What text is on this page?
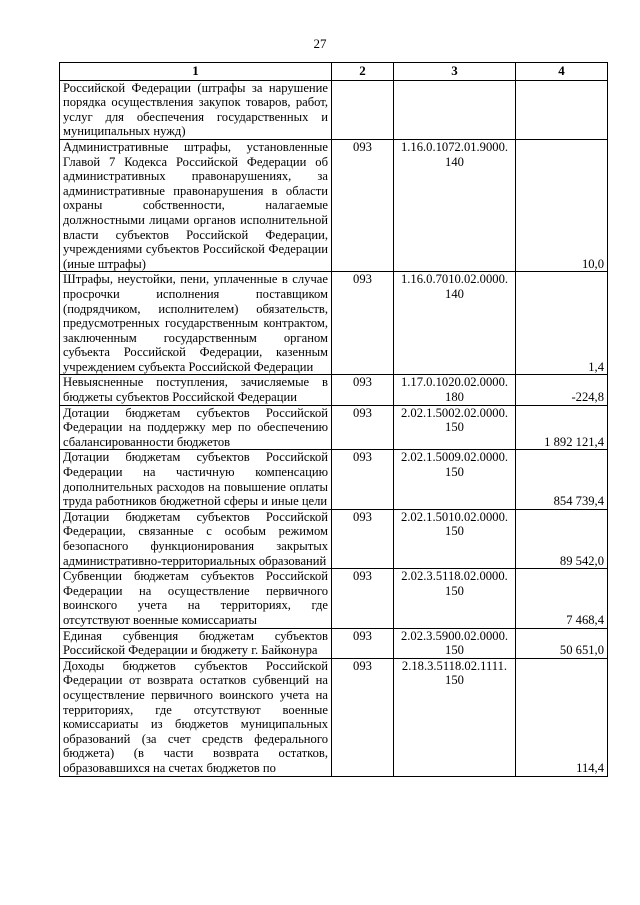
27
1	2	3	4
Российской Федерации (штрафы за нарушение порядка осуществления закупок товаров, работ, услуг для обеспечения государственных и муниципальных нужд)			
Административные штрафы, установленные Главой 7 Кодекса Российской Федерации об административных правонарушениях, за административные правонарушения в области охраны собственности, налагаемые должностными лицами органов исполнительной власти субъектов Российской Федерации, учреждениями субъектов Российской Федерации (иные штрафы)	093	1.16.0.1072.01.9000. 140	10,0
Штрафы, неустойки, пени, уплаченные в случае просрочки исполнения поставщиком (подрядчиком, исполнителем) обязательств, предусмотренных государственным контрактом, заключенным государственным органом субъекта Российской Федерации, казенным учреждением субъекта Российской Федерации	093	1.16.0.7010.02.0000. 140	1,4
Невыясненные поступления, зачисляемые в бюджеты субъектов Российской Федерации	093	1.17.0.1020.02.0000. 180	-224,8
Дотации бюджетам субъектов Российской Федерации на поддержку мер по обеспечению сбалансированности бюджетов	093	2.02.1.5002.02.0000. 150	1 892 121,4
Дотации бюджетам субъектов Российской Федерации на частичную компенсацию дополнительных расходов на повышение оплаты труда работников бюджетной сферы и иные цели	093	2.02.1.5009.02.0000. 150	854 739,4
Дотации бюджетам субъектов Российской Федерации, связанные с особым режимом безопасного функционирования закрытых административно-территориальных образований	093	2.02.1.5010.02.0000. 150	89 542,0
Субвенции бюджетам субъектов Российской Федерации на осуществление первичного воинского учета на территориях, где отсутствуют военные комиссариаты	093	2.02.3.5118.02.0000. 150	7 468,4
Единая субвенция бюджетам субъектов Российской Федерации и бюджету г. Байконура	093	2.02.3.5900.02.0000. 150	50 651,0
Доходы бюджетов субъектов Российской Федерации от возврата остатков субвенций на осуществление первичного воинского учета на территориях, где отсутствуют военные комиссариаты из бюджетов муниципальных образований (за счет средств федерального бюджета) (в части возврата остатков, образовавшихся на счетах бюджетов по	093	2.18.3.5118.02.1111. 150	114,4
